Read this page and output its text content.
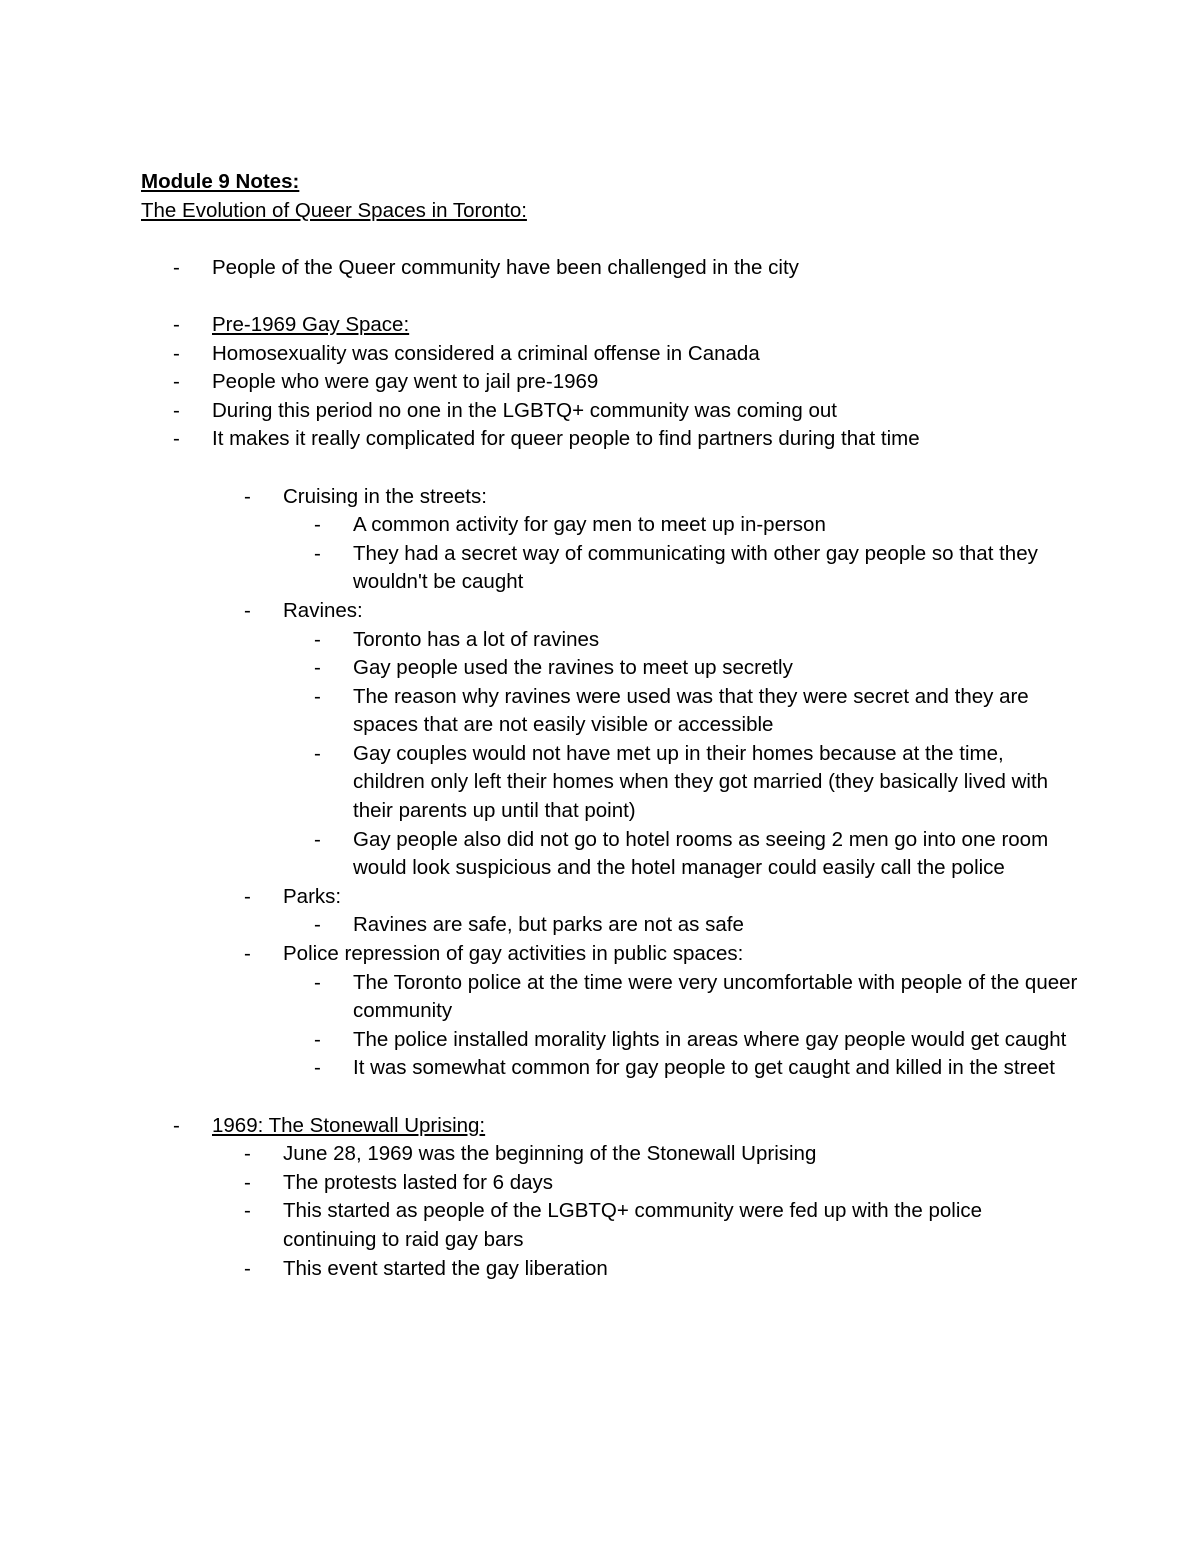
Module 9 Notes:

The Evolution of Queer Spaces in Toronto:

- People of the Queer community have been challenged in the city
- Pre-1969 Gay Space:
- Homosexuality was considered a criminal offense in Canada
- People who were gay went to jail pre-1969
- During this period no one in the LGBTQ+ community was coming out
- It makes it really complicated for queer people to find partners during that time
- Cruising in the streets:
- A common activity for gay men to meet up in-person
- They had a secret way of communicating with other gay people so that they wouldn't be caught
- Ravines:
- Toronto has a lot of ravines
- Gay people used the ravines to meet up secretly
- The reason why ravines were used was that they were secret and they are spaces that are not easily visible or accessible
- Gay couples would not have met up in their homes because at the time, children only left their homes when they got married (they basically lived with their parents up until that point)
- Gay people also did not go to hotel rooms as seeing 2 men go into one room would look suspicious and the hotel manager could easily call the police
- Parks:
- Ravines are safe, but parks are not as safe
- Police repression of gay activities in public spaces:
- The Toronto police at the time were very uncomfortable with people of the queer community
- The police installed morality lights in areas where gay people would get caught
- It was somewhat common for gay people to get caught and killed in the street
- 1969: The Stonewall Uprising:
- June 28, 1969 was the beginning of the Stonewall Uprising
- The protests lasted for 6 days
- This started as people of the LGBTQ+ community were fed up with the police continuing to raid gay bars
- This event started the gay liberation
